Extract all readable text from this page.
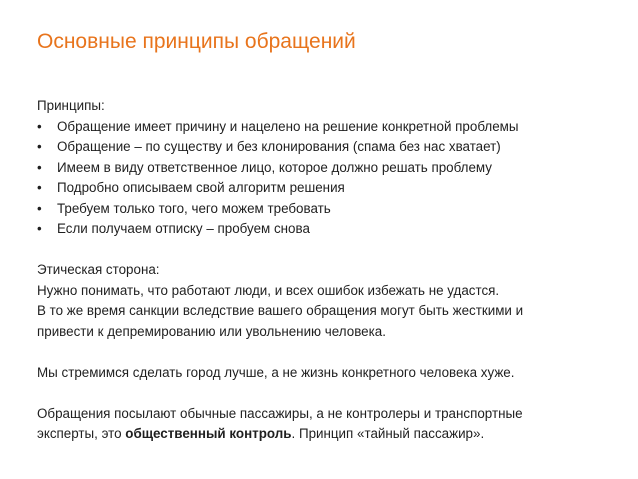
Основные принципы обращений
Принципы:
• Обращение имеет причину и нацелено на решение конкретной проблемы
• Обращение – по существу и без клонирования (спама без нас хватает)
• Имеем в виду ответственное лицо, которое должно решать проблему
• Подробно описываем свой алгоритм решения
• Требуем только того, чего можем требовать
• Если получаем отписку – пробуем снова
Этическая сторона:
Нужно понимать, что работают люди, и всех ошибок избежать не удастся.
В то же время санкции вследствие вашего обращения могут быть жесткими и
привести к депремированию или увольнению человека.
Мы стремимся сделать город лучше, а не жизнь конкретного человека хуже.
Обращения посылают обычные пассажиры, а не контролеры и транспортные
эксперты, это общественный контроль. Принцип «тайный пассажир».
